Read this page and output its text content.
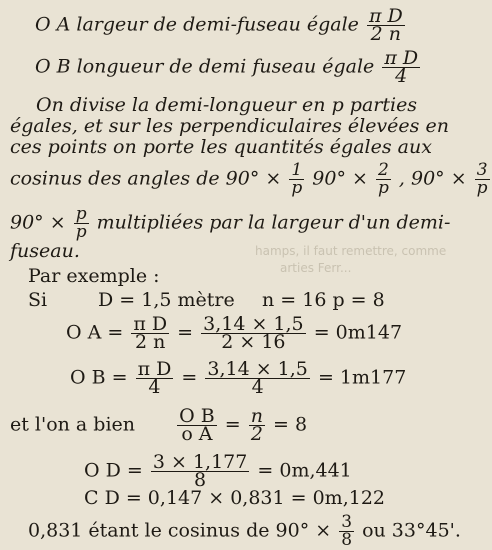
hamps, il faut remettre, comme
arties Ferr...
O A largeur de demi-fuseau égale $\frac{\text{π D}}{2 n}$
O B longueur de demi fuseau égale $\frac{\text{π D}}{4}$
On divise la demi-longueur en p parties
égales, et sur les perpendiculaires élevées en
ces points on porte les quantités égales aux
cosinus des angles de $90^\circ \times \frac{1}{p} 90^\circ \times \frac{2}{p}$ , $90^\circ \times \frac{3}{p}$
$90^\circ \times \frac{p}{p}$ multipliées par la largeur d'un demi-
fuseau.
Par exemple :
Si	D = 1,5 mètre n = 16 p = 8
O $A = \frac{\text{π D}}{2 n} = \frac{3,14 \times 1,5}{2 \times 16} = 0m147$
O $B = \frac{\text{π D}}{4} = \frac{3,14 \times 1,5}{4} = 1m177$
et l'on a bien $\frac{\text{O B}}{\text{o A}} = \frac{n}{2} = 8$
O $D = \frac{3 \times 1,177}{8} = 0m,441$
C D = 0,147 × 0,831 = 0m,122
0,831 étant le cosinus de $90^\circ \times \frac{3}{8}$ ou 33°45'.
